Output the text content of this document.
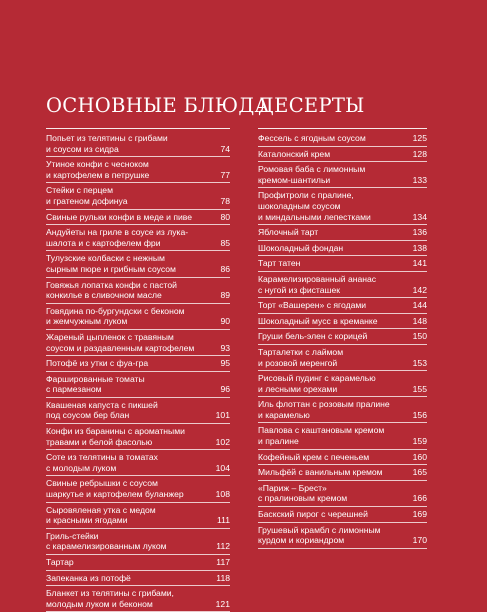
ОСНОВНЫЕ БЛЮДА
Попьет из телятины с грибами
и соусом из сидра	74
Утиное конфи с чесноком
и картофелем в петрушке	77
Стейки с перцем
и гратеном дофинуа	78
Свиные рульки конфи в меде и пиве	80
Андуйеты на гриле в соусе из лука-
шалота и с картофелем фри	85
Тулузские колбаски с нежным
сырным пюре и грибным соусом	86
Говяжья лопатка конфи с пастой
конкилье в сливочном масле	89
Говядина по-бургундски с беконом
и жемчужным луком	90
Жареный цыпленок с травяным
соусом и раздавленным картофелем	93
Потофё из утки с фуа-гра	95
Фаршированные томаты
с пармезаном	96
Квашеная капуста с пикшей
под соусом бер блан	101
Конфи из баранины с ароматными
травами и белой фасолью	102
Соте из телятины в томатах
с молодым луком	104
Свиные ребрышки с соусом
шаркутье и картофелем буланжер	108
Сыровяленая утка с медом
и красными ягодами	111
Гриль-стейки
с карамелизированным луком	112
Тартар	117
Запеканка из потофё	118
Бланкет из телятины с грибами,
молодым луком и беконом	121
ДЕСЕРТЫ
Фессель с ягодным соусом	125
Каталонский крем	128
Ромовая баба с лимонным
кремом-шантильи	133
Профитроли с пралине,
шоколадным соусом
и миндальными лепестками	134
Яблочный тарт	136
Шоколадный фондан	138
Тарт татен	141
Карамелизированный ананас
с нугой из фисташек	142
Торт «Вашерен» с ягодами	144
Шоколадный мусс в креманке	148
Груши бель-элен с корицей	150
Тарталетки с лаймом
и розовой меренгой	153
Рисовый пудинг с карамелью
и лесными орехами	155
Иль флоттан с розовым пралине
и карамелью	156
Павлова с каштановым кремом
и пралине	159
Кофейный крем с печеньем	160
Мильфёй с ванильным кремом	165
«Париж – Брест»
с пралиновым кремом	166
Баскский пирог с черешней	169
Грушевый крамбл с лимонным
курдом и кориандром	170
